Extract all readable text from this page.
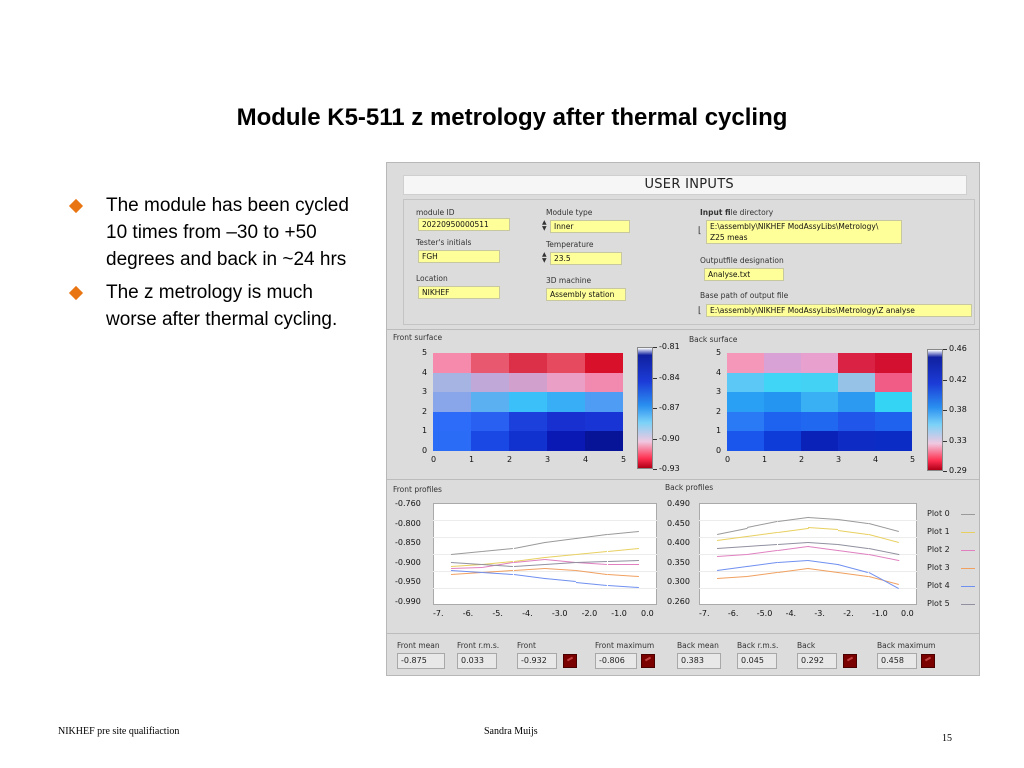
Module K5-511 z metrology after thermal cycling
The module has been cycled 10 times from –30 to +50 degrees and back in ~24 hrs
The z metrology is much worse after thermal cycling.
USER INPUTS
module ID
20220950000511
Tester's initials
FGH
Location
NIKHEF
Module type
▲
▼ Inner
Temperature
▲
▼ 23.5
3D machine
Assembly station
Input file directory
⌊ E:\assembly\NIKHEF ModAssyLibs\Metrology\
Z25 meas
Outputfile designation
Analyse.txt
Base path of output file
⌊	E:\assembly\NIKHEF ModAssyLibs\Metrology\Z analyse
Front surface
5
4
3
2
1
0
0	1	2	3	4	5
-0.81
-0.84
-0.87
-0.90
-0.93
Back surface
5
4
3
2
1
0
0	1	2	3	4	5
0.46
0.42
0.38
0.33
0.29
Front profiles	Back profiles
-0.760
-0.800
-0.850
-0.900
-0.950
-0.990
-7. -6. -5. -4. -3.0 -2.0 -1.0 0.0
0.490
0.450
0.400
0.350
0.300
0.260
-7. -6. -5.0 -4. -3. -2. -1.0 0.0
Plot 0
Plot 1
Plot 2
Plot 3
Plot 4
Plot 5
Front mean
-0.875
Front r.m.s.
0.033
Front
-0.932
Front maximum
-0.806
Back mean
0.383
Back r.m.s.
0.045
Back
0.292
Back maximum
0.458
NIKHEF pre site qualifiaction	Sandra Muijs
15
